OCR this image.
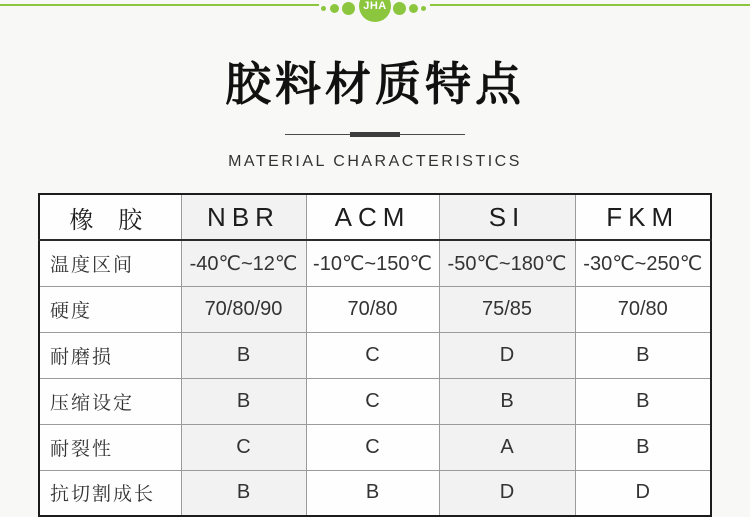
JHA
胶料材质特点
MATERIAL CHARACTERISTICS
橡 胶	NBR	ACM	SI	FKM
温度区间	-40℃~12℃	-10℃~150℃	-50℃~180℃	-30℃~250℃
硬度	70/80/90	70/80	75/85	70/80
耐磨损	B	C	D	B
压缩设定	B	C	B	B
耐裂性	C	C	A	B
抗切割成长	B	B	D	D
